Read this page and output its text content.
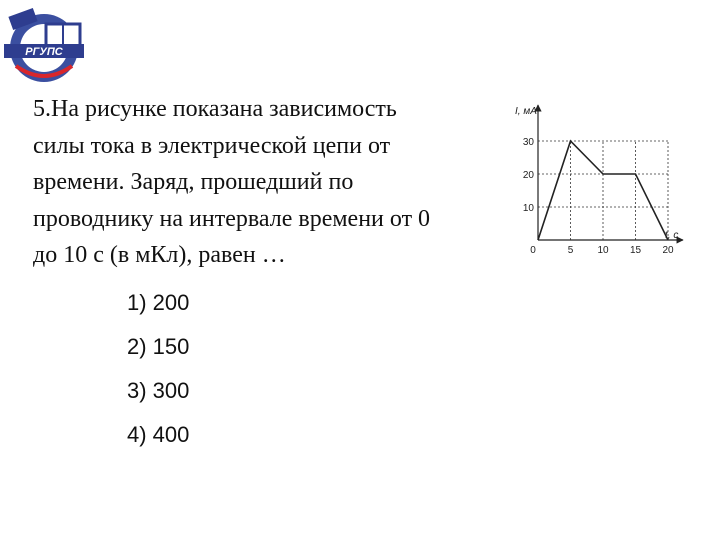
РГУПС
5.На рисунке показана зависимость
силы тока в электрической цепи от
времени. Заряд, прошедший по
проводнику на интервале времени от 0
до 10 с (в мКл), равен …
1) 200
2) 150
3) 300
4) 400
0	5 10 15 20
10
20
30
I, мА
t, c
